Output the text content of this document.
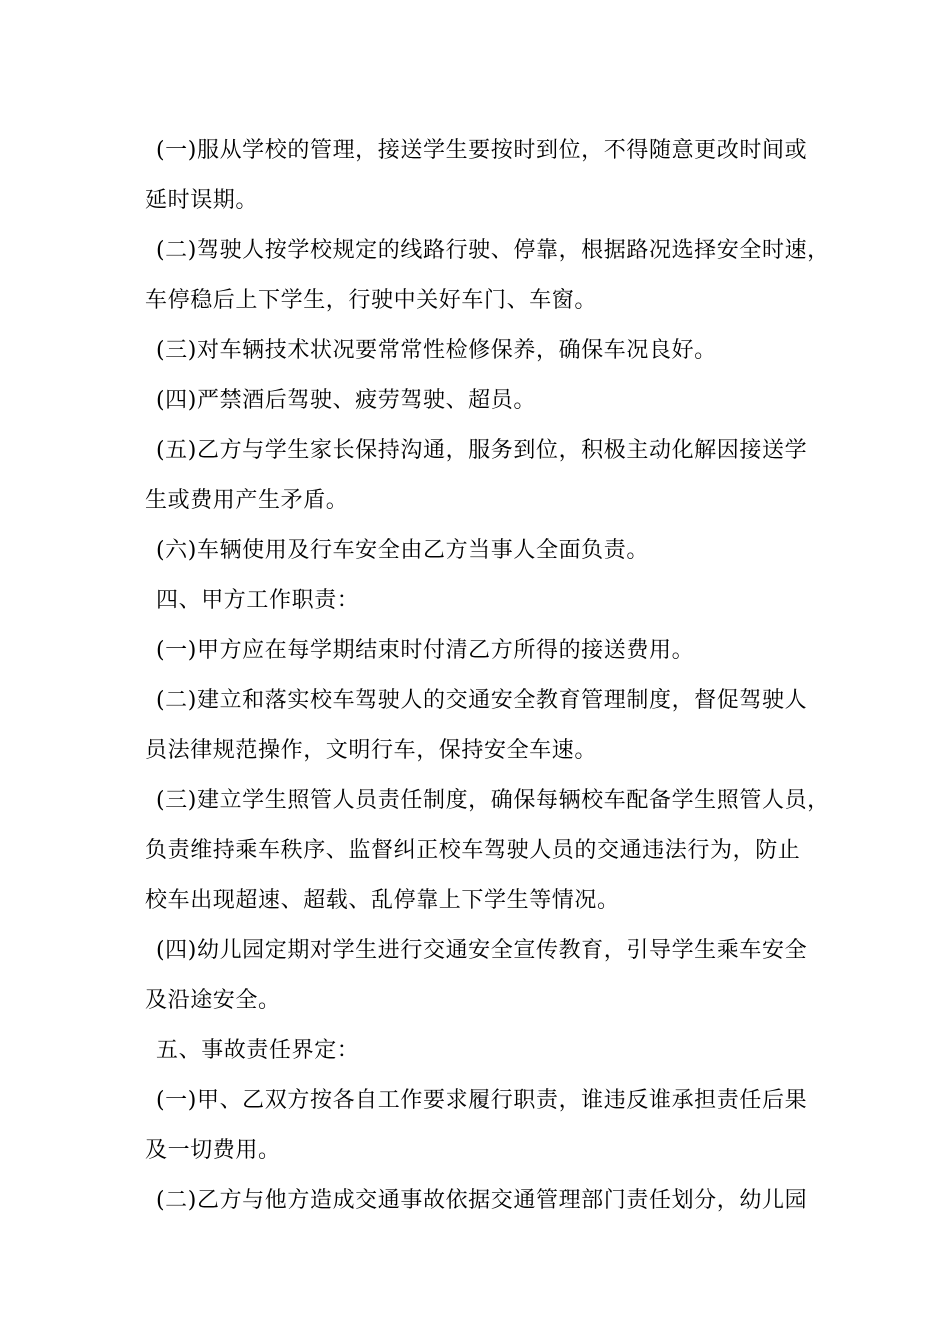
(一)服从学校的管理，接送学生要按时到位，不得随意更改时间或
延时误期。
(二)驾驶人按学校规定的线路行驶、停靠，根据路况选择安全时速，
车停稳后上下学生，行驶中关好车门、车窗。
(三)对车辆技术状况要常常性检修保养，确保车况良好。
(四)严禁酒后驾驶、疲劳驾驶、超员。
(五)乙方与学生家长保持沟通，服务到位，积极主动化解因接送学
生或费用产生矛盾。
(六)车辆使用及行车安全由乙方当事人全面负责。
四、甲方工作职责：
(一)甲方应在每学期结束时付清乙方所得的接送费用。
(二)建立和落实校车驾驶人的交通安全教育管理制度，督促驾驶人
员法律规范操作，文明行车，保持安全车速。
(三)建立学生照管人员责任制度，确保每辆校车配备学生照管人员，
负责维持乘车秩序、监督纠正校车驾驶人员的交通违法行为，防止
校车出现超速、超载、乱停靠上下学生等情况。
(四)幼儿园定期对学生进行交通安全宣传教育，引导学生乘车安全
及沿途安全。
五、事故责任界定：
(一)甲、乙双方按各自工作要求履行职责，谁违反谁承担责任后果
及一切费用。
(二)乙方与他方造成交通事故依据交通管理部门责任划分，幼儿园
